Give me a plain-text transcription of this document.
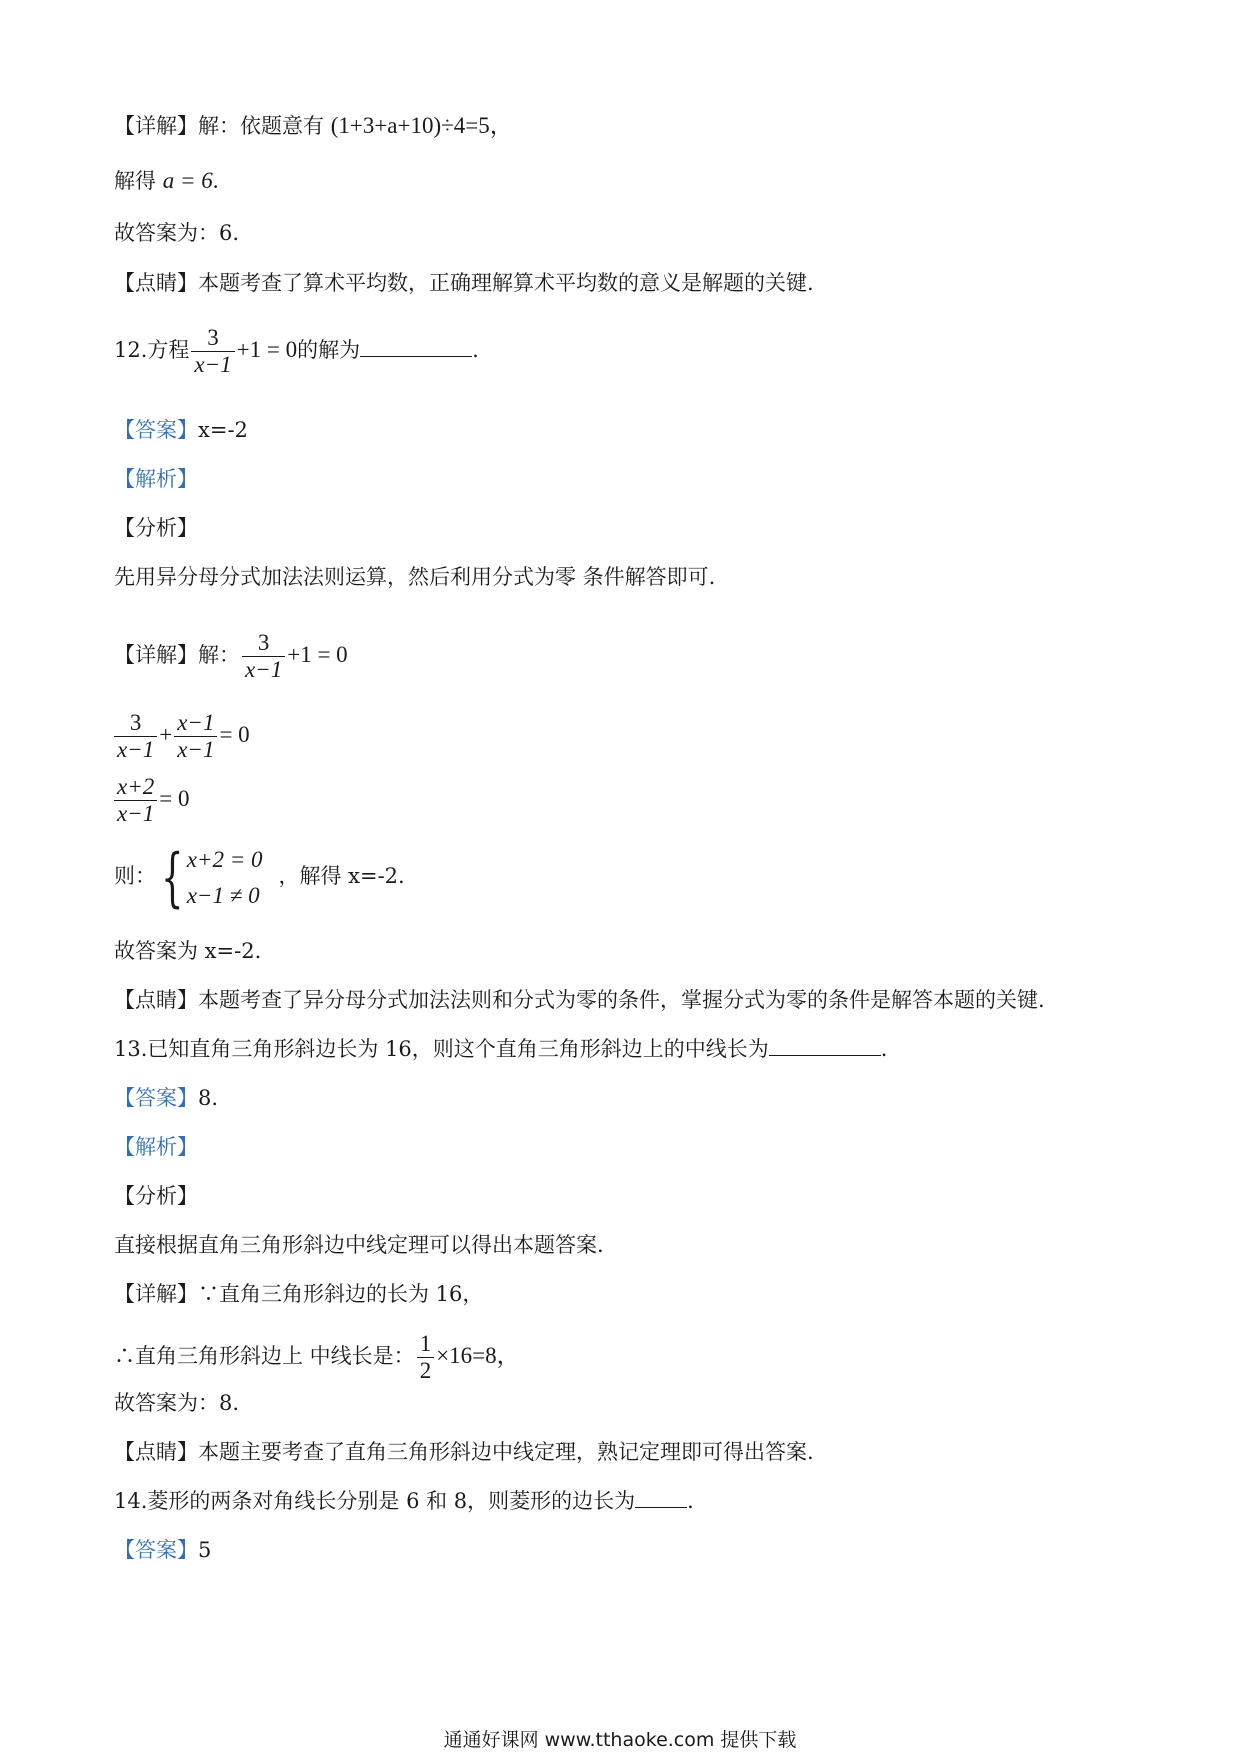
【详解】解：依题意有 (1+3+a+10)÷4=5，
解得 a = 6.
故答案为：6.
【点睛】本题考查了算术平均数，正确理解算术平均数的意义是解题的关键.
12.方程 $\frac{3}{x-1} +1 = 0$的解为	.
【答案】x=-2
【解析】
【分析】
先用异分母分式加法法则运算，然后利用分式为零 条件解答即可.
【详解】解： $\frac{3}{x-1} +1 = 0$
$\frac{3}{x-1} + \frac{x-1}{x-1} = 0$
$\frac{x+2}{x-1} = 0$
则：{ x+2 = 0
x−1 ≠ 0
，解得 x=-2.
故答案为 x=-2.
【点睛】本题考查了异分母分式加法法则和分式为零的条件，掌握分式为零的条件是解答本题的关键.
13.已知直角三角形斜边长为 16，则这个直角三角形斜边上的中线长为	.
【答案】8.
【解析】
【分析】
直接根据直角三角形斜边中线定理可以得出本题答案.
【详解】∵直角三角形斜边的长为 16，
∴直角三角形斜边上 中线长是： $\frac{1}{2} \times 16=8$，
故答案为：8.
【点睛】本题主要考查了直角三角形斜边中线定理，熟记定理即可得出答案.
14.菱形的两条对角线长分别是 6 和 8，则菱形的边长为 .
【答案】5
通通好课网 www.tthaoke.com 提供下载
